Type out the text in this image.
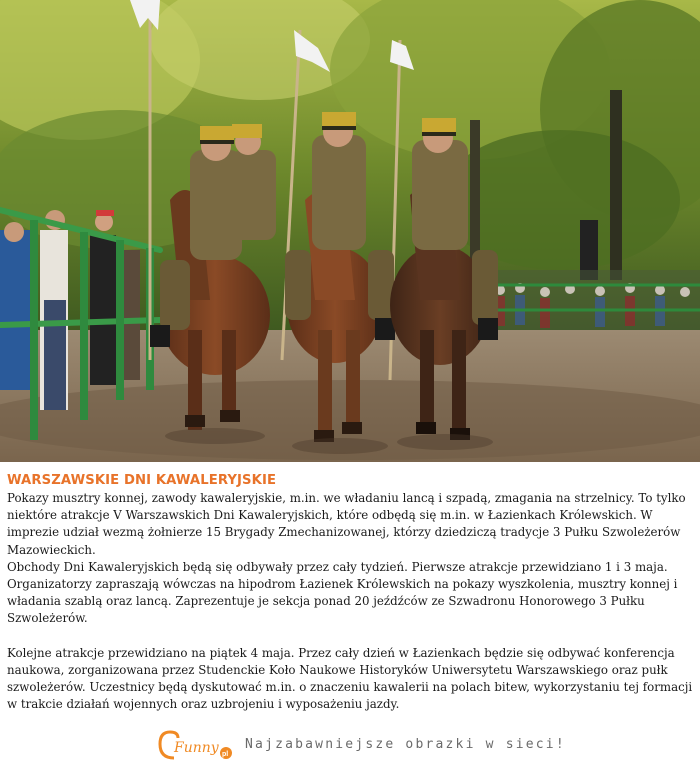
WARSZAWSKIE DNI KAWALERYJSKIE

Pokazy musztry konnej, zawody kawaleryjskie, m.in. we władaniu lancą i szpadą, zmagania na strzelnicy. To tylko niektóre atrakcje V Warszawskich Dni Kawaleryjskich, które odbędą się m.in. w Łazienkach Królewskich. W imprezie udział wezmą żołnierze 15 Brygady Zmechanizowanej, którzy dziedziczą tradycje 3 Pułku Szwoleżerów Mazowieckich.

Obchody Dni Kawaleryjskich będą się odbywały przez cały tydzień. Pierwsze atrakcje przewidziano 1 i 3 maja. Organizatorzy zapraszają wówczas na hipodrom Łazienek Królewskich na pokazy wyszkolenia, musztry konnej i władania szablą oraz lancą. Zaprezentuje je sekcja ponad 20 jeźdźców ze Szwadronu Honorowego 3 Pułku Szwoleżerów.

Kolejne atrakcje przewidziano na piątek 4 maja. Przez cały dzień w Łazienkach będzie się odbywać konferencja naukowa, zorganizowana przez Studenckie Koło Naukowe Historyków Uniwersytetu Warszawskiego oraz pułk szwoleżerów. Uczestnicy będą dyskutować m.in. o znaczeniu kawalerii na polach bitew, wykorzystaniu tej formacji w trakcie działań wojennych oraz uzbrojeniu i wyposażeniu jazdy.

Funny pl
Najzabawniejsze obrazki w sieci!
